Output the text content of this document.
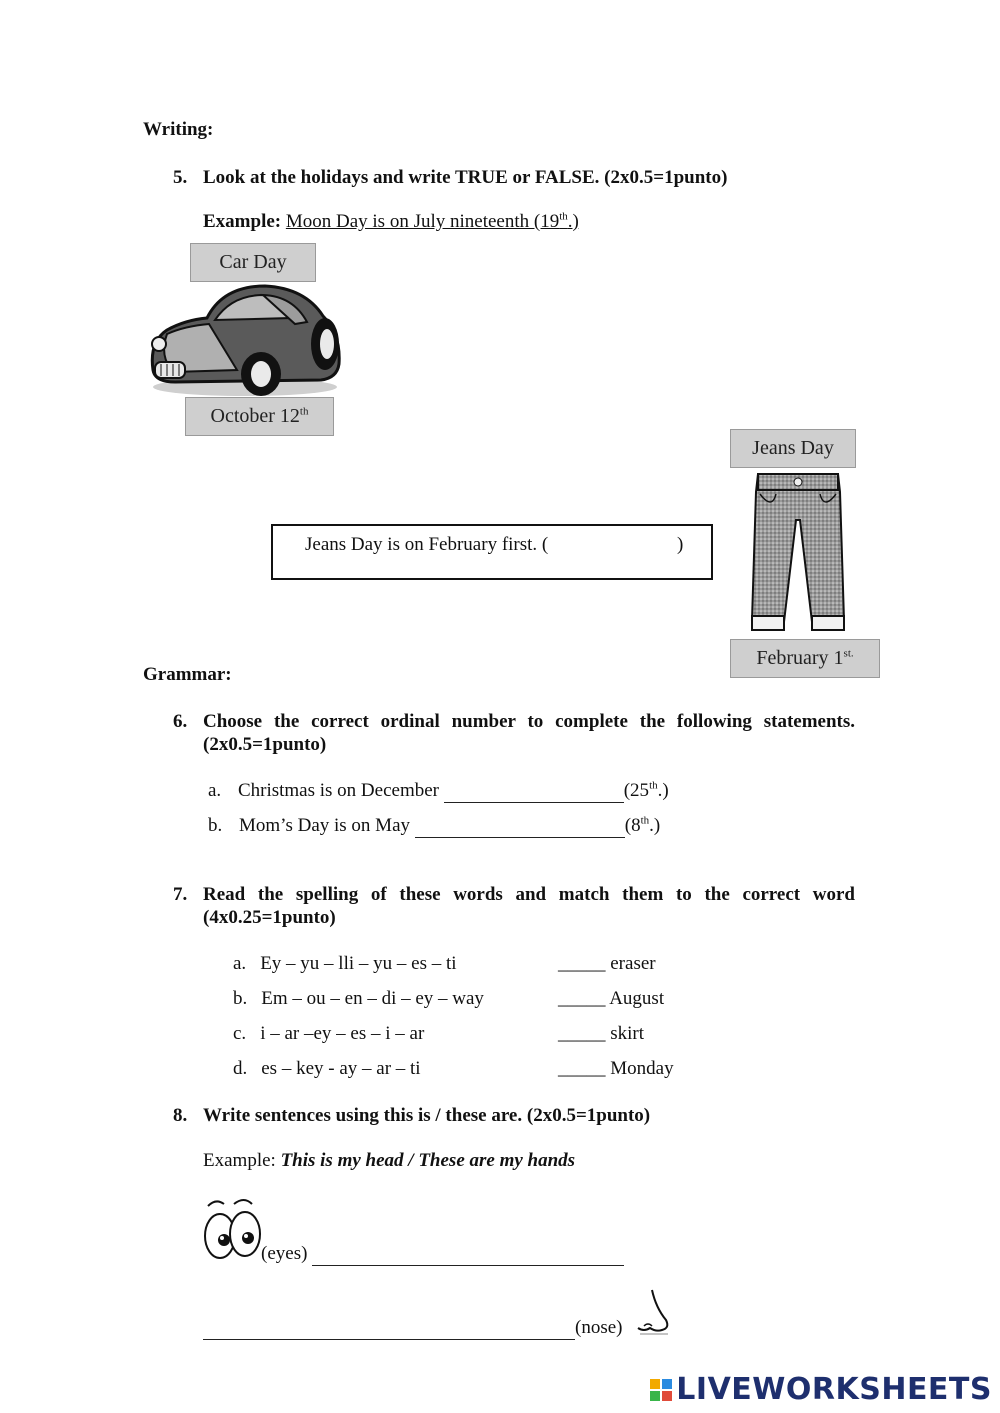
Writing:
5. Look at the holidays and write TRUE or FALSE. (2x0.5=1punto)
Example: Moon Day is on July nineteenth (19th.)
Car Day
October 12th
Jeans Day
February $1^{st.}$
Jeans Day is on February first. (	)
Grammar:
6. Choose the correct ordinal number to complete the following statements.
(2x0.5=1punto)
a. Christmas is on December	(25th.)
b. Mom’s Day is on May	(8th.)
7. Read the spelling of these words and match them to the correct word
(4x0.25=1punto)
a. Ey – yu – lli – yu – es – ti	_____ eraser
b. Em – ou – en – di – ey – way	_____ August
c. i – ar –ey – es – i – ar	_____ skirt
d. es – key - ay – ar – ti	_____ Monday
8. Write sentences using this is / these are. (2x0.5=1punto)
Example: This is my head / These are my hands
(eyes)
(nose)
LIVEWORKSHEETS
